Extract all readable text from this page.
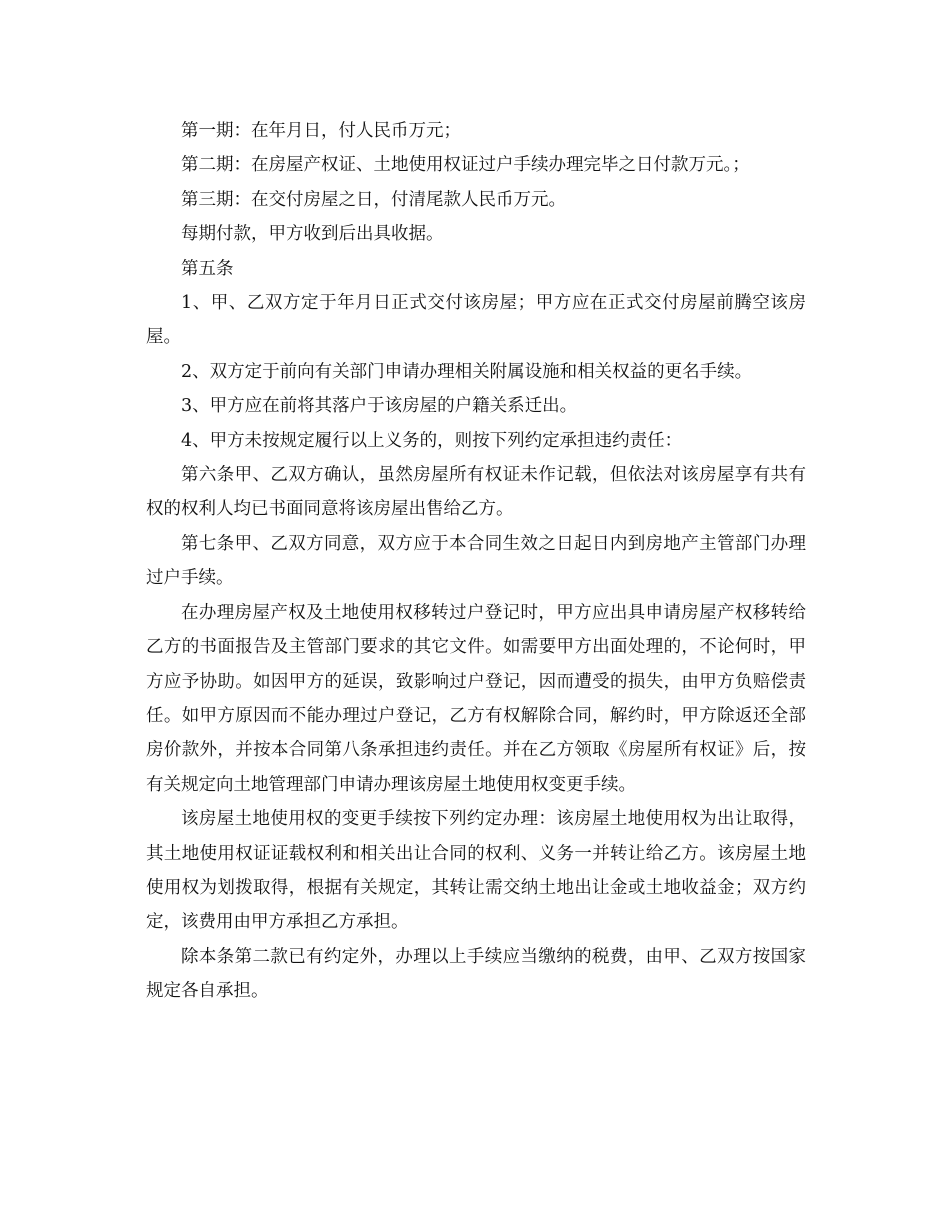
第一期：在年月日，付人民币万元；

第二期：在房屋产权证、土地使用权证过户手续办理完毕之日付款万元。；

第三期：在交付房屋之日，付清尾款人民币万元。

每期付款，甲方收到后出具收据。

第五条

1、甲、乙双方定于年月日正式交付该房屋；甲方应在正式交付房屋前腾空该房屋。

2、双方定于前向有关部门申请办理相关附属设施和相关权益的更名手续。

3、甲方应在前将其落户于该房屋的户籍关系迁出。

4、甲方未按规定履行以上义务的，则按下列约定承担违约责任：

第六条甲、乙双方确认，虽然房屋所有权证未作记载，但依法对该房屋享有共有权的权利人均已书面同意将该房屋出售给乙方。

第七条甲、乙双方同意，双方应于本合同生效之日起日内到房地产主管部门办理过户手续。

在办理房屋产权及土地使用权移转过户登记时，甲方应出具申请房屋产权移转给乙方的书面报告及主管部门要求的其它文件。如需要甲方出面处理的，不论何时，甲方应予协助。如因甲方的延误，致影响过户登记，因而遭受的损失，由甲方负赔偿责任。如甲方原因而不能办理过户登记，乙方有权解除合同，解约时，甲方除返还全部房价款外，并按本合同第八条承担违约责任。并在乙方领取《房屋所有权证》后，按有关规定向土地管理部门申请办理该房屋土地使用权变更手续。

该房屋土地使用权的变更手续按下列约定办理：该房屋土地使用权为出让取得，其土地使用权证证载权利和相关出让合同的权利、义务一并转让给乙方。该房屋土地使用权为划拨取得，根据有关规定，其转让需交纳土地出让金或土地收益金；双方约定，该费用由甲方承担乙方承担。

除本条第二款已有约定外，办理以上手续应当缴纳的税费，由甲、乙双方按国家规定各自承担。
